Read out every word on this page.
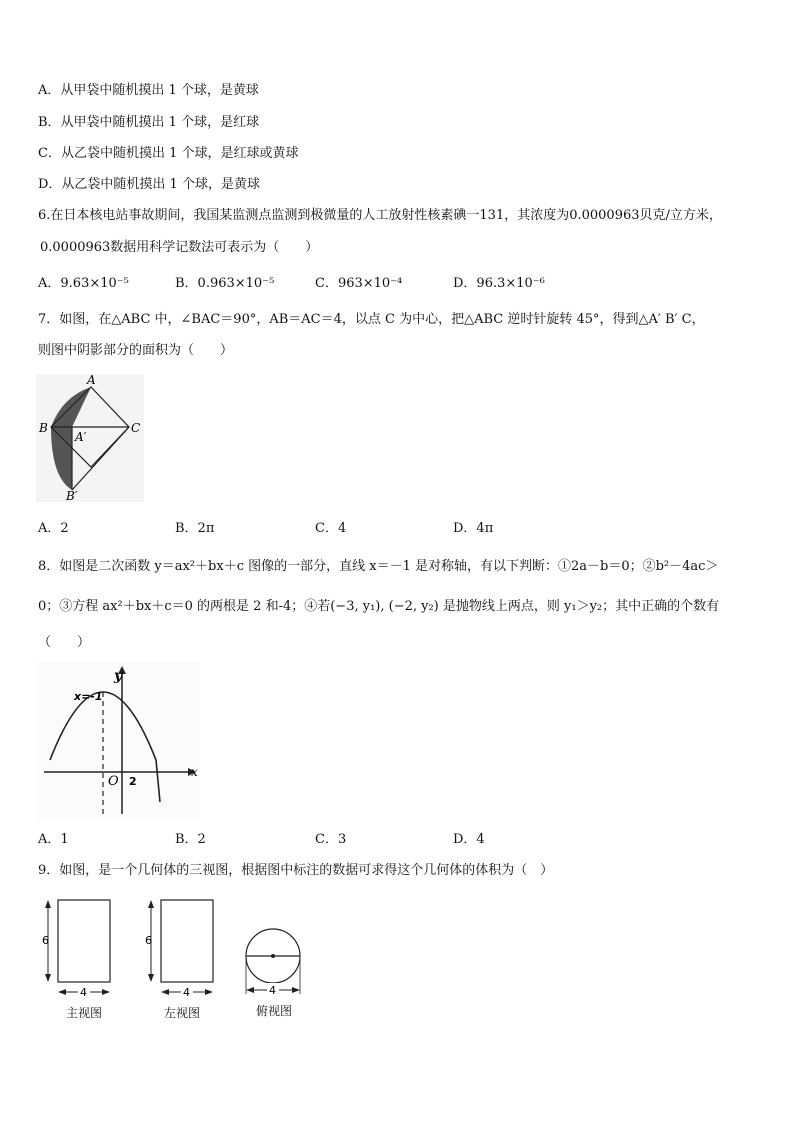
A．从甲袋中随机摸出 1 个球，是黄球
B．从甲袋中随机摸出 1 个球，是红球
C．从乙袋中随机摸出 1 个球，是红球或黄球
D．从乙袋中随机摸出 1 个球，是黄球
6.在日本核电站事故期间，我国某监测点监测到极微量的人工放射性核素碘一131，其浓度为0.0000963贝克/立方米，
0.0000963数据用科学记数法可表示为（　　）
A．9.63×10⁻⁵	B．0.963×10⁻⁵	C．963×10⁻⁴	D．96.3×10⁻⁶
7．如图，在△ABC 中，∠BAC＝90°，AB＝AC＝4，以点 C 为中心，把△ABC 逆时针旋转 45°，得到△A′ B′ C，
则图中阴影部分的面积为（　　）
A
B	C
A′
B′
A．2	B．2π	C．4	D．4π
8．如图是二次函数 y＝ax²＋bx＋c 图像的一部分，直线 x＝－1 是对称轴，有以下判断：①2a－b＝0；②b²－4ac＞
0；③方程 ax²＋bx＋c＝0 的两根是 2 和-4；④若(−3, y₁), (−2, y₂) 是抛物线上两点，则 y₁＞y₂；其中正确的个数有
（　　）
y
x
x=-1
O 2
A．1	B．2	C．3	D．4
9．如图，是一个几何体的三视图，根据图中标注的数据可求得这个几何体的体积为（　）
6
4
主视图
6
4
左视图
4
俯视图
